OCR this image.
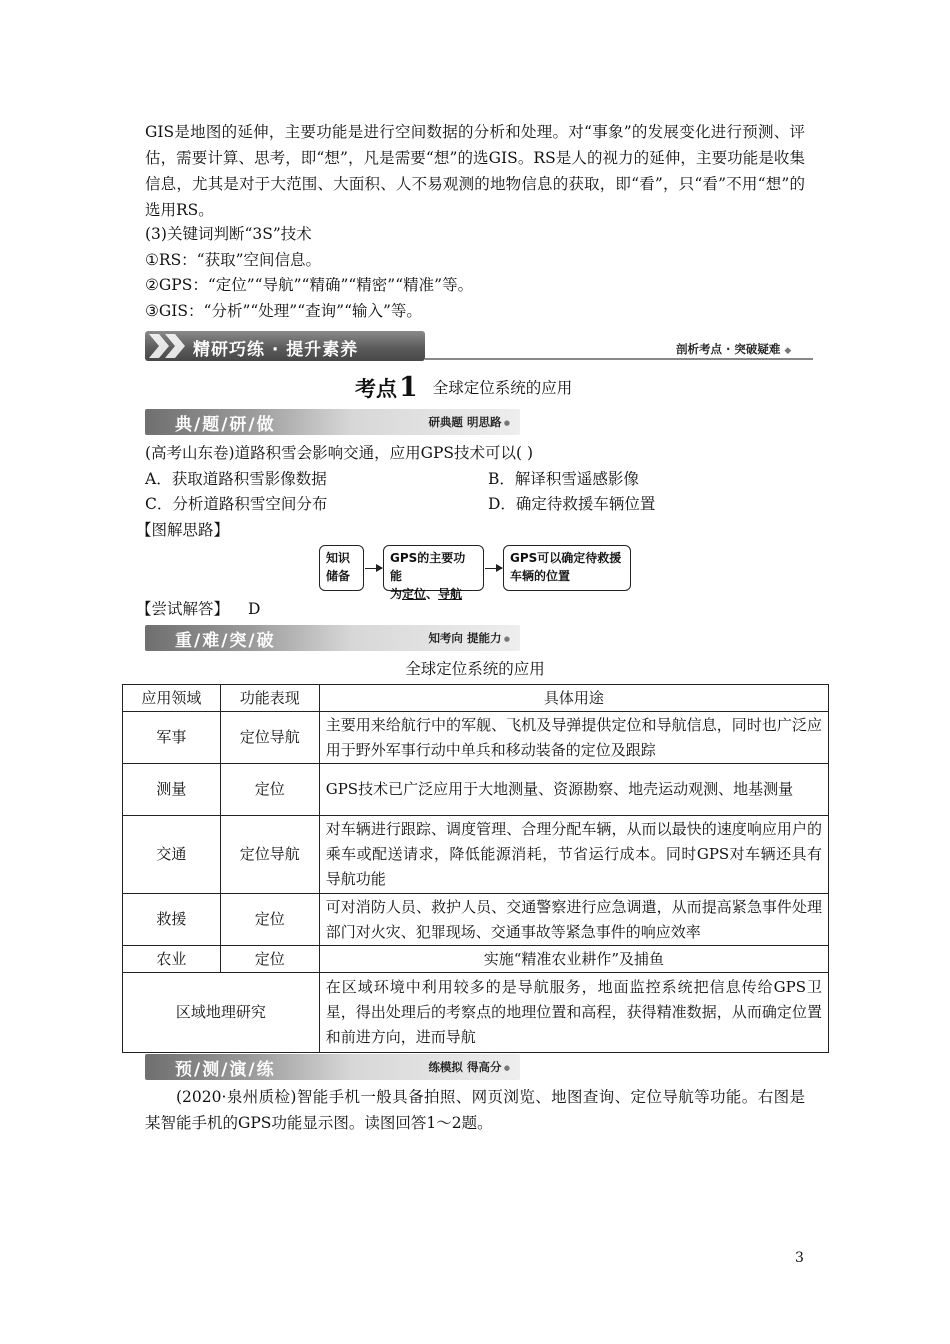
GIS是地图的延伸，主要功能是进行空间数据的分析和处理。对“事象”的发展变化进行预测、评估，需要计算、思考，即“想”，凡是需要“想”的选GIS。RS是人的视力的延伸，主要功能是收集信息，尤其是对于大范围、大面积、人不易观测的地物信息的获取，即“看”，只“看”不用“想”的选用RS。
(3)关键词判断“3S”技术
①RS：“获取”空间信息。
②GPS：“定位”“导航”“精确”“精密”“精准”等。
③GIS：“分析”“处理”“查询”“输入”等。
精研巧练 · 提升素养	剖析考点 · 突破疑难 ◆
考点1 全球定位系统的应用
典/题/研/做	研典题 明思路 ●
(高考山东卷)道路积雪会影响交通，应用GPS技术可以( )
A．获取道路积雪影像数据	B．解译积雪遥感影像
C．分析道路积雪空间分布	D．确定待救援车辆位置
【图解思路】
知识
储备
GPS的主要功能
为定位、导航
GPS可以确定待救援
车辆的位置
【尝试解答】 D
重/难/突/破	知考向 提能力 ●
全球定位系统的应用
应用领域	功能表现	具体用途
军事	定位导航	主要用来给航行中的军舰、飞机及导弹提供定位和导航信息，同时也广泛应用于野外军事行动中单兵和移动装备的定位及跟踪
测量	定位	GPS技术已广泛应用于大地测量、资源勘察、地壳运动观测、地基测量
交通	定位导航	对车辆进行跟踪、调度管理、合理分配车辆，从而以最快的速度响应用户的乘车或配送请求，降低能源消耗，节省运行成本。同时GPS对车辆还具有导航功能
救援	定位	可对消防人员、救护人员、交通警察进行应急调遣，从而提高紧急事件处理部门对火灾、犯罪现场、交通事故等紧急事件的响应效率
农业	定位	实施“精准农业耕作”及捕鱼
区域地理研究		在区域环境中利用较多的是导航服务，地面监控系统把信息传给GPS卫星，得出处理后的考察点的地理位置和高程，获得精准数据，从而确定位置和前进方向，进而导航
预/测/演/练	练模拟 得高分 ●
(2020·泉州质检)智能手机一般具备拍照、网页浏览、地图查询、定位导航等功能。右图是某智能手机的GPS功能显示图。读图回答1～2题。
3
